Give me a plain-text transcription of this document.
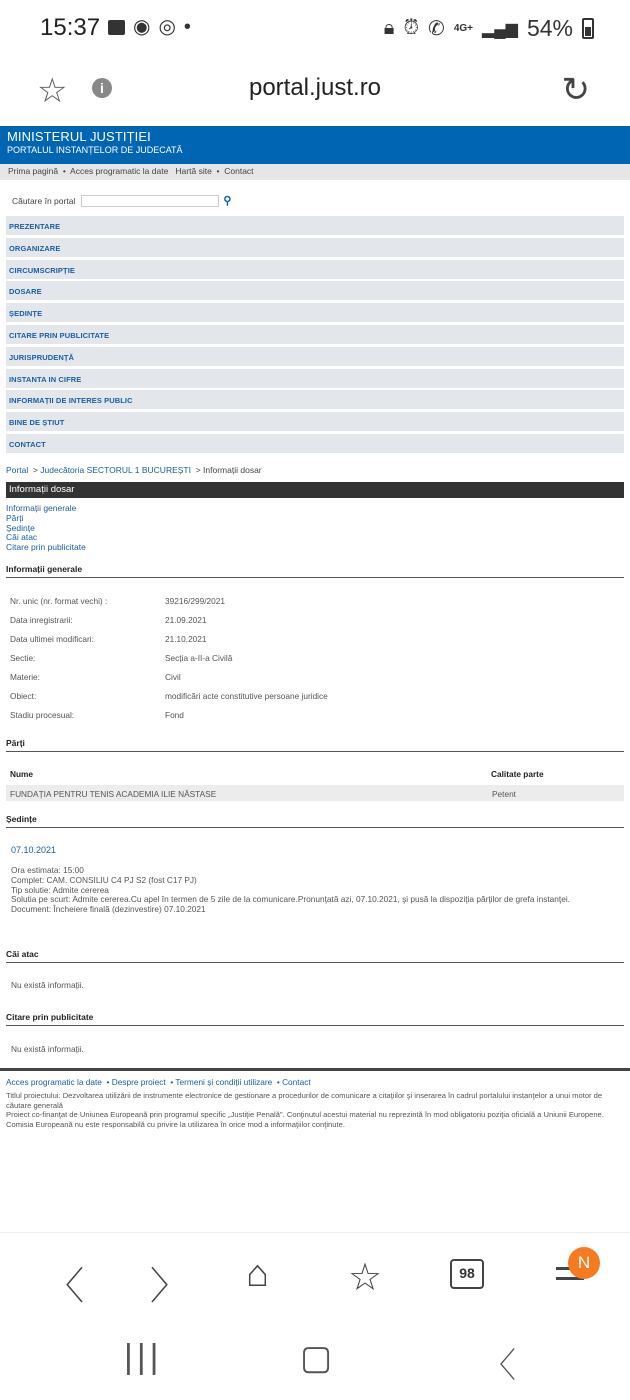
15:37 ◉ ◎ •	🔒︎ ⏰︎ ✆ 4G+ ▂▄▆ 54%
☆	i	portal.just.ro	↻
MINISTERUL JUSTIȚIEI
PORTALUL INSTANȚELOR DE JUDECATĂ
Prima pagină  •  Acces programatic la date Hartă site  •  Contact
Căutare în portal	⚲
PREZENTARE
ORGANIZARE
CIRCUMSCRIPȚIE
DOSARE
ȘEDINȚE
CITARE PRIN PUBLICITATE
JURISPRUDENȚĂ
INSTANTA IN CIFRE
INFORMAȚII DE INTERES PUBLIC
BINE DE ȘTIUT
CONTACT
Portal  > Judecătoria SECTORUL 1 BUCUREȘTI  > Informații dosar
Informații dosar
Informații generale
Părți
Ședințe
Căi atac
Citare prin publicitate
Informații generale
Nr. unic (nr. format vechi) :	39216/299/2021
Data inregistrarii:	21.09.2021
Data ultimei modificari:	21.10.2021
Sectie:	Secția a-II-a Civilă
Materie:	Civil
Obiect:	modificări acte constitutive persoane juridice
Stadiu procesual:	Fond
Părți
Nume	Calitate parte
FUNDAȚIA PENTRU TENIS ACADEMIA ILIE NĂSTASE	Petent
Ședințe
07.10.2021
Ora estimata: 15:00
Complet: CAM. CONSILIU C4 PJ S2 (fost C17 PJ)
Tip solutie: Admite cererea
Solutia pe scurt: Admite cererea.Cu apel în termen de 5 zile de la comunicare.Pronunţată azi, 07.10.2021, şi pusă la dispoziţia părţilor de grefa instanţei.
Document: Încheiere finală (dezinvestire) 07.10.2021
Căi atac
Nu există informații.
Citare prin publicitate
Nu există informații.
Acces programatic la date  • Despre proiect  • Termeni și condiții utilizare  • Contact
Titlul proiectului: Dezvoltarea utilizării de instrumente electronice de gestionare a procedurilor de comunicare a citaţiilor şi inserarea în cadrul portalului instanţelor a unui motor de căutare generală
Proiect co-finanţat de Uniunea Europeană prin programul specific „Justiţie Penală". Conţinutul acestui material nu reprezintă în mod obligatoriu poziţia oficială a Uniunii Europene. Comisia Europeană nu este responsabilă cu privire la utilizarea în orice mod a informaţiilor conţinute.
〈 〉 ⌂ ☆	98
N
|||	▢	〈
